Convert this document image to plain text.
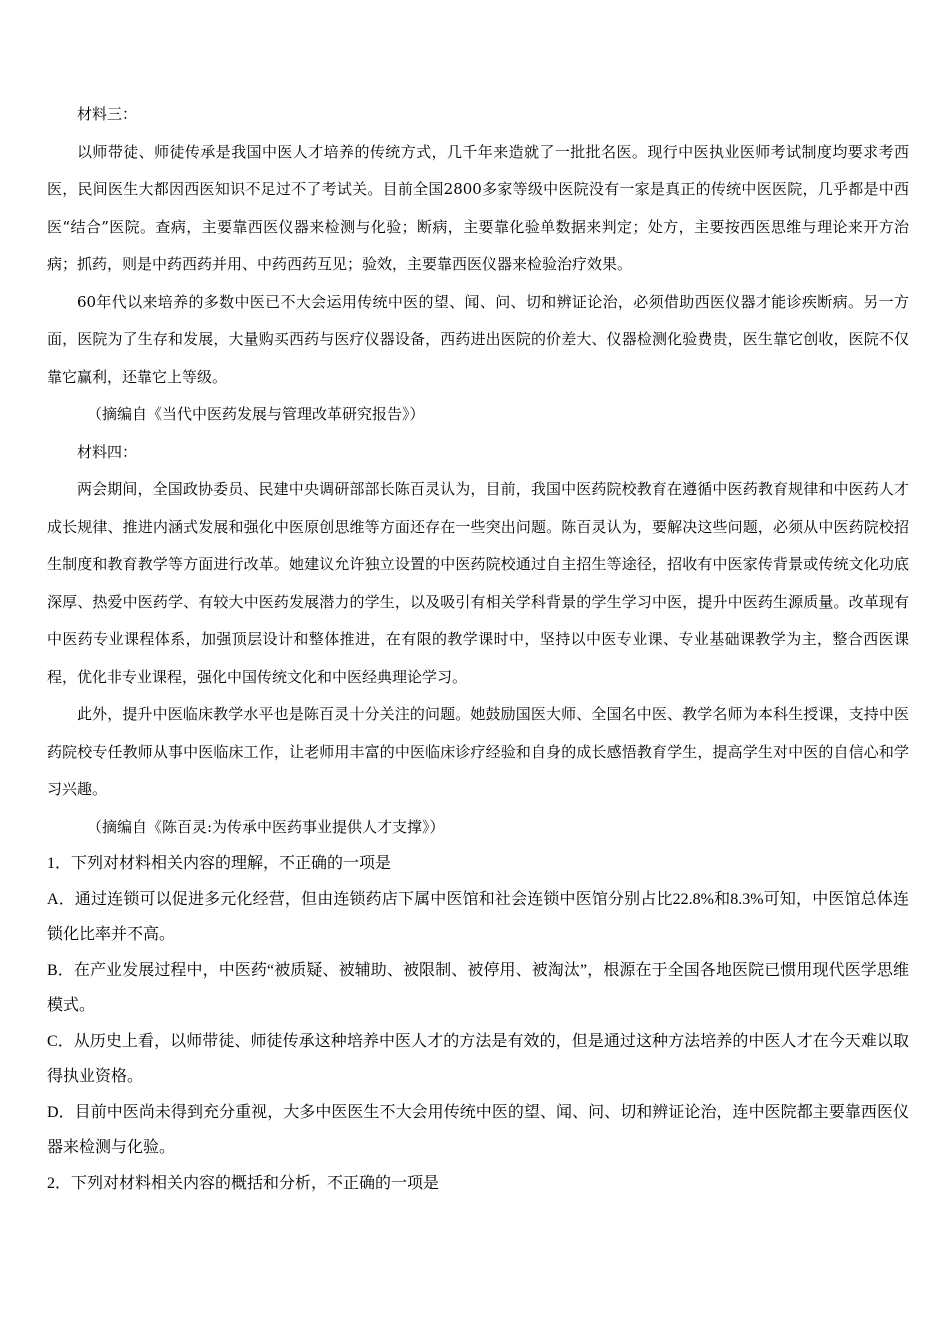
材料三：

以师带徒、师徒传承是我国中医人才培养的传统方式，几千年来造就了一批批名医。现行中医执业医师考试制度均要求考西医，民间医生大都因西医知识不足过不了考试关。目前全国2800多家等级中医院没有一家是真正的传统中医医院，几乎都是中西医“结合”医院。查病，主要靠西医仪器来检测与化验；断病，主要靠化验单数据来判定；处方，主要按西医思维与理论来开方治病；抓药，则是中药西药并用、中药西药互见；验效，主要靠西医仪器来检验治疗效果。

60年代以来培养的多数中医已不大会运用传统中医的望、闻、问、切和辨证论治，必须借助西医仪器才能诊疾断病。另一方面，医院为了生存和发展，大量购买西药与医疗仪器设备，西药进出医院的价差大、仪器检测化验费贵，医生靠它创收，医院不仅靠它赢利，还靠它上等级。

（摘编自《当代中医药发展与管理改革研究报告》）

材料四：

两会期间，全国政协委员、民建中央调研部部长陈百灵认为，目前，我国中医药院校教育在遵循中医药教育规律和中医药人才成长规律、推进内涵式发展和强化中医原创思维等方面还存在一些突出问题。陈百灵认为，要解决这些问题，必须从中医药院校招生制度和教育教学等方面进行改革。她建议允许独立设置的中医药院校通过自主招生等途径，招收有中医家传背景或传统文化功底深厚、热爱中医药学、有较大中医药发展潜力的学生，以及吸引有相关学科背景的学生学习中医，提升中医药生源质量。改革现有中医药专业课程体系，加强顶层设计和整体推进，在有限的教学课时中，坚持以中医专业课、专业基础课教学为主，整合西医课程，优化非专业课程，强化中国传统文化和中医经典理论学习。

此外，提升中医临床教学水平也是陈百灵十分关注的问题。她鼓励国医大师、全国名中医、教学名师为本科生授课，支持中医药院校专任教师从事中医临床工作，让老师用丰富的中医临床诊疗经验和自身的成长感悟教育学生，提高学生对中医的自信心和学习兴趣。

（摘编自《陈百灵:为传承中医药事业提供人才支撑》）

1．下列对材料相关内容的理解，不正确的一项是

A．通过连锁可以促进多元化经营，但由连锁药店下属中医馆和社会连锁中医馆分别占比22.8%和8.3%可知，中医馆总体连锁化比率并不高。

B．在产业发展过程中，中医药“被质疑、被辅助、被限制、被停用、被淘汰”，根源在于全国各地医院已惯用现代医学思维模式。

C．从历史上看，以师带徒、师徒传承这种培养中医人才的方法是有效的，但是通过这种方法培养的中医人才在今天难以取得执业资格。

D．目前中医尚未得到充分重视，大多中医医生不大会用传统中医的望、闻、问、切和辨证论治，连中医院都主要靠西医仪器来检测与化验。

2．下列对材料相关内容的概括和分析，不正确的一项是
